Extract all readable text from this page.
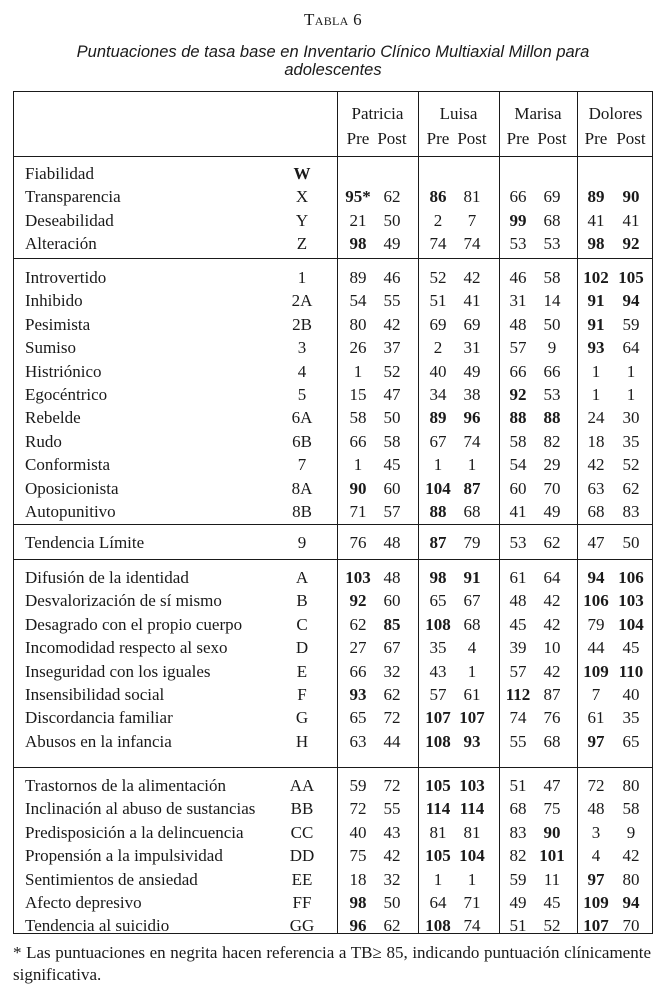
Tabla 6
Puntuaciones de tasa base en Inventario Clínico Multiaxial Millon para adolescentes
Patricia	Luisa	Marisa	Dolores
Pre Post	Pre Post	Pre Post	Pre Post
Fiabilidad	W
Transparencia	X	95* 62	86	81	66	69	89	90
Deseabilidad	Y	21	50	2	7	99	68	41	41
Alteración	Z	98	49	74	74	53	53	98	92
Introvertido	1	89	46	52	42	46	58	102 105
Inhibido	2A	54	55	51	41	31	14	91	94
Pesimista	2B	80	42	69	69	48	50	91	59
Sumiso	3	26	37	2	31	57	9	93	64
Histriónico	4	1	52	40	49	66	66	1	1
Egocéntrico	5	15	47	34	38	92	53	1	1
Rebelde	6A	58	50	89	96	88	88	24	30
Rudo	6B	66	58	67	74	58	82	18	35
Conformista	7	1	45	1	1	54	29	42	52
Oposicionista	8A	90	60	104 87	60	70	63	62
Autopunitivo	8B	71	57	88	68	41	49	68	83
Tendencia Límite	9	76	48	87	79	53	62	47	50
Difusión de la identidad	A	103 48	98	91	61	64	94 106
Desvalorización de sí mismo	B	92	60	65	67	48	42	106 103
Desagrado con el propio cuerpo	C	62	85	108 68	45	42	79 104
Incomodidad respecto al sexo	D	27	67	35	4	39	10	44	45
Inseguridad con los iguales	E	66	32	43	1	57	42	109 110
Insensibilidad social	F	93	62	57	61	112 87	7	40
Discordancia familiar	G	65	72	107 107	74	76	61	35
Abusos en la infancia	H	63	44	108 93	55	68	97	65
Trastornos de la alimentación	AA	59	72	105 103	51	47	72	80
Inclinación al abuso de sustancias	BB	72	55	114 114	68	75	48	58
Predisposición a la delincuencia	CC	40	43	81	81	83	90	3	9
Propensión a la impulsividad	DD	75	42	105 104	82 101	4	42
Sentimientos de ansiedad	EE	18	32	1	1	59	11	97	80
Afecto depresivo	FF	98	50	64	71	49	45	109 94
Tendencia al suicidio	GG	96	62	108 74	51	52	107 70
* Las puntuaciones en negrita hacen referencia a TB≥ 85, indicando puntuación clínicamente significativa.
